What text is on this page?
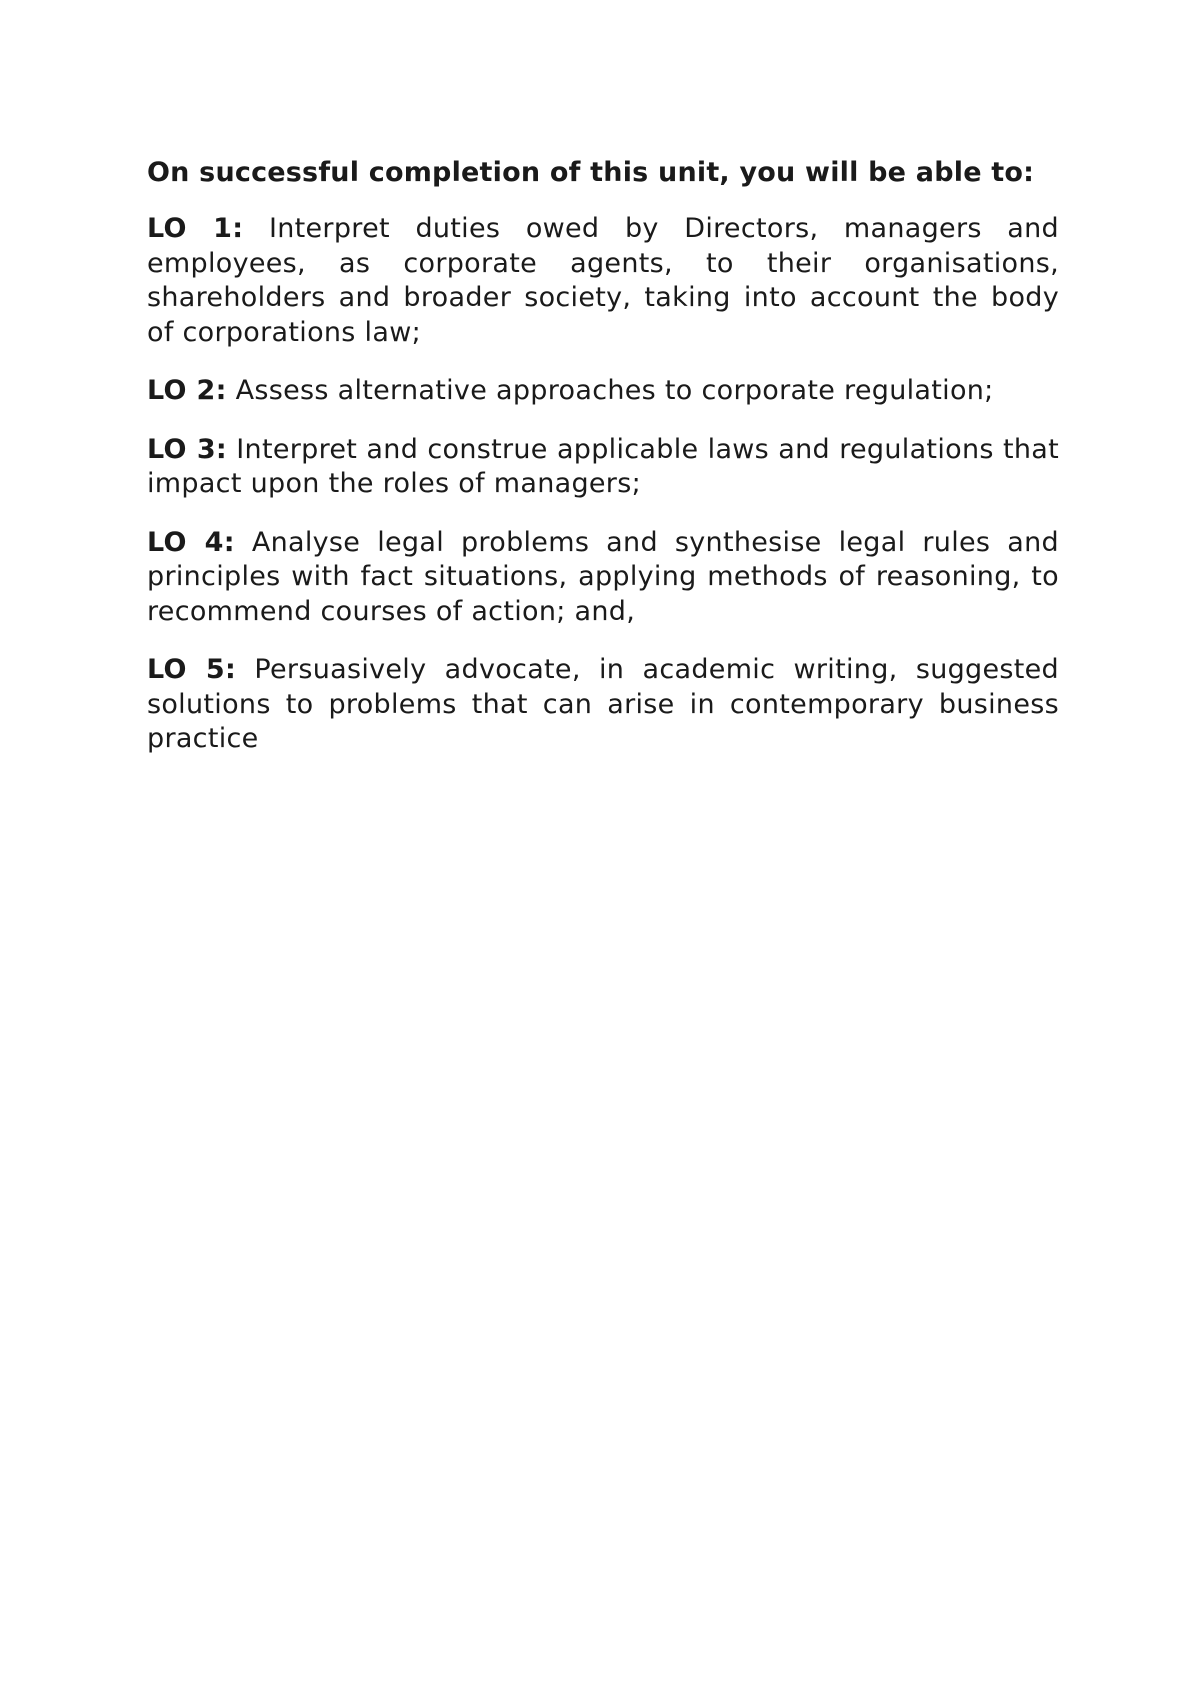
On successful completion of this unit, you will be able to:

LO 1: Interpret duties owed by Directors, managers and employees, as corporate agents, to their organisations, shareholders and broader society, taking into account the body of corporations law;
LO 2: Assess alternative approaches to corporate regulation;
LO 3: Interpret and construe applicable laws and regulations that impact upon the roles of managers;
LO 4: Analyse legal problems and synthesise legal rules and principles with fact situations, applying methods of reasoning, to recommend courses of action; and,
LO 5: Persuasively advocate, in academic writing, suggested solutions to problems that can arise in contemporary business practice
